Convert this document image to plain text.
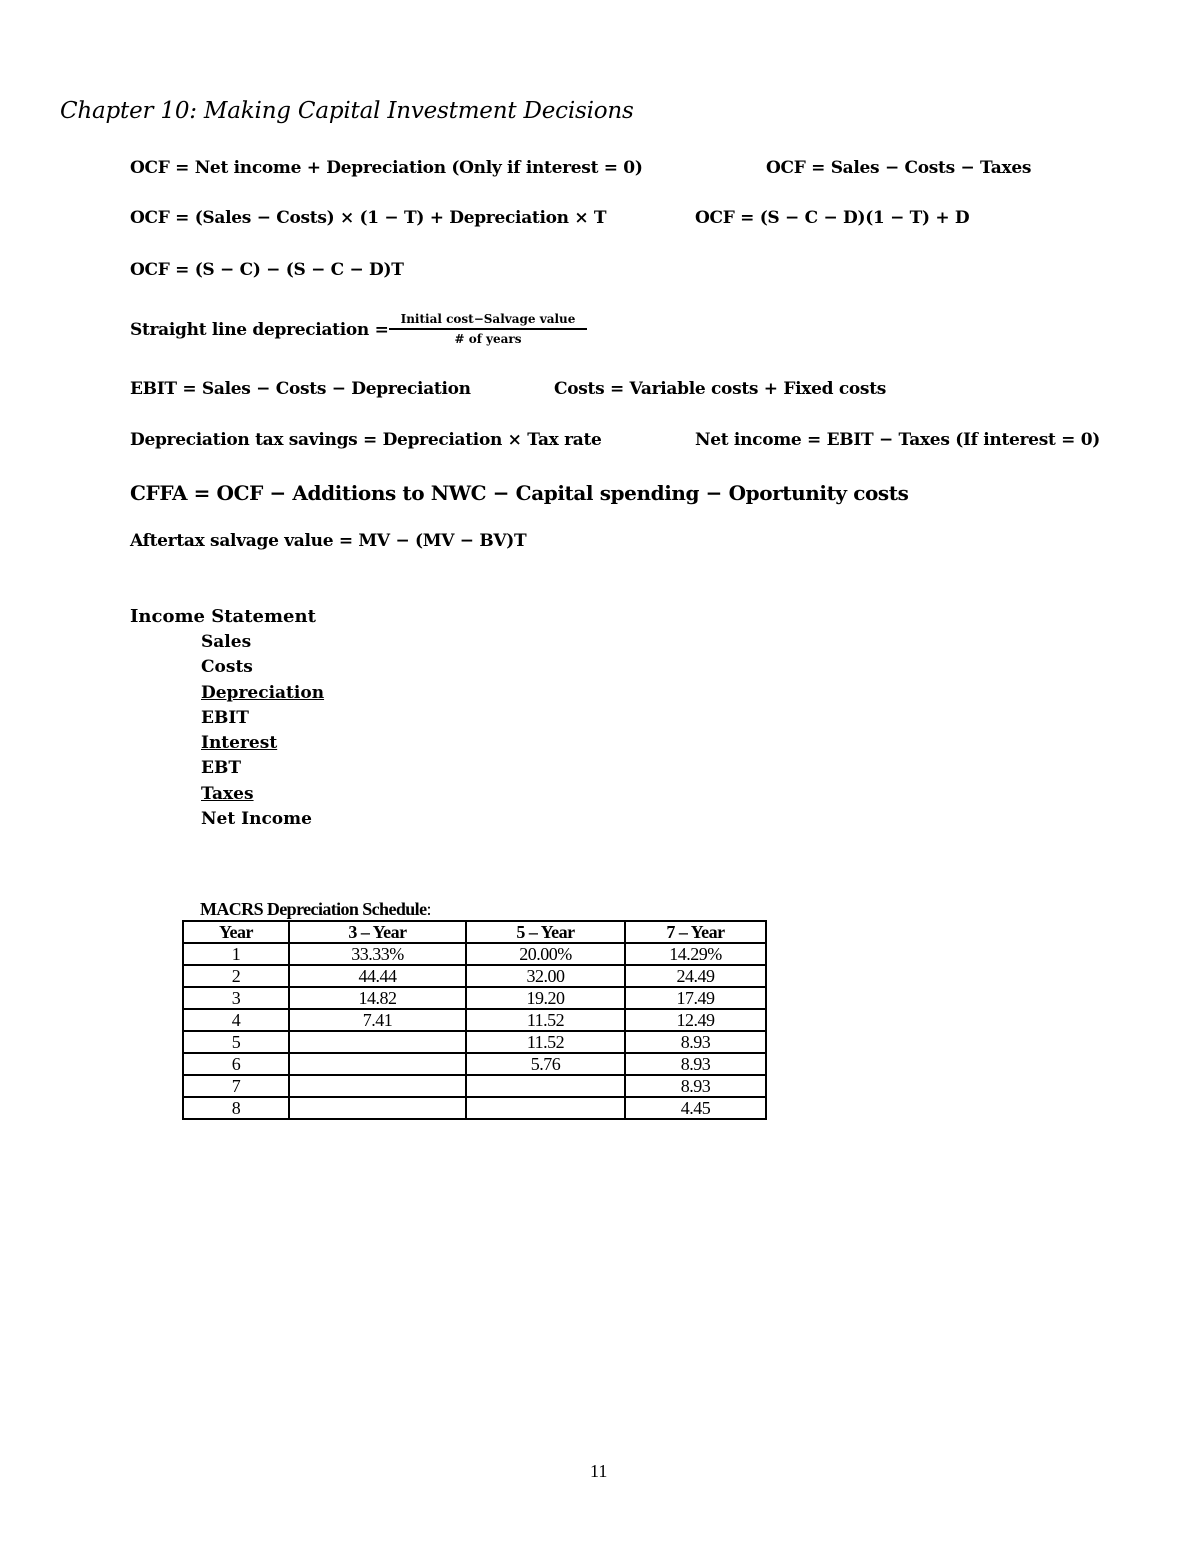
Chapter 10: Making Capital Investment Decisions
OCF = Net income + Depreciation (Only if interest = 0)	OCF = Sales − Costs − Taxes
OCF = (Sales − Costs) × (1 − T) + Depreciation × T	OCF = (S − C − D)(1 − T) + D
OCF = (S − C) − (S − C − D)T
Straight line depreciation =
Initial cost−Salvage value
# of years
EBIT = Sales − Costs − Depreciation	Costs = Variable costs + Fixed costs
Depreciation tax savings = Depreciation × Tax rate	Net income = EBIT − Taxes (If interest = 0)
CFFA = OCF − Additions to NWC − Capital spending − Oportunity costs
Aftertax salvage value = MV − (MV − BV)T
Income Statement
Sales
Costs
Depreciation
EBIT
Interest
EBT
Taxes
Net Income
MACRS Depreciation Schedule:
Year	3 – Year	5 – Year	7 – Year
1	33.33%	20.00%	14.29%
2	44.44	32.00	24.49
3	14.82	19.20	17.49
4	7.41	11.52	12.49
5		11.52	8.93
6		5.76	8.93
7			8.93
8			4.45
11
